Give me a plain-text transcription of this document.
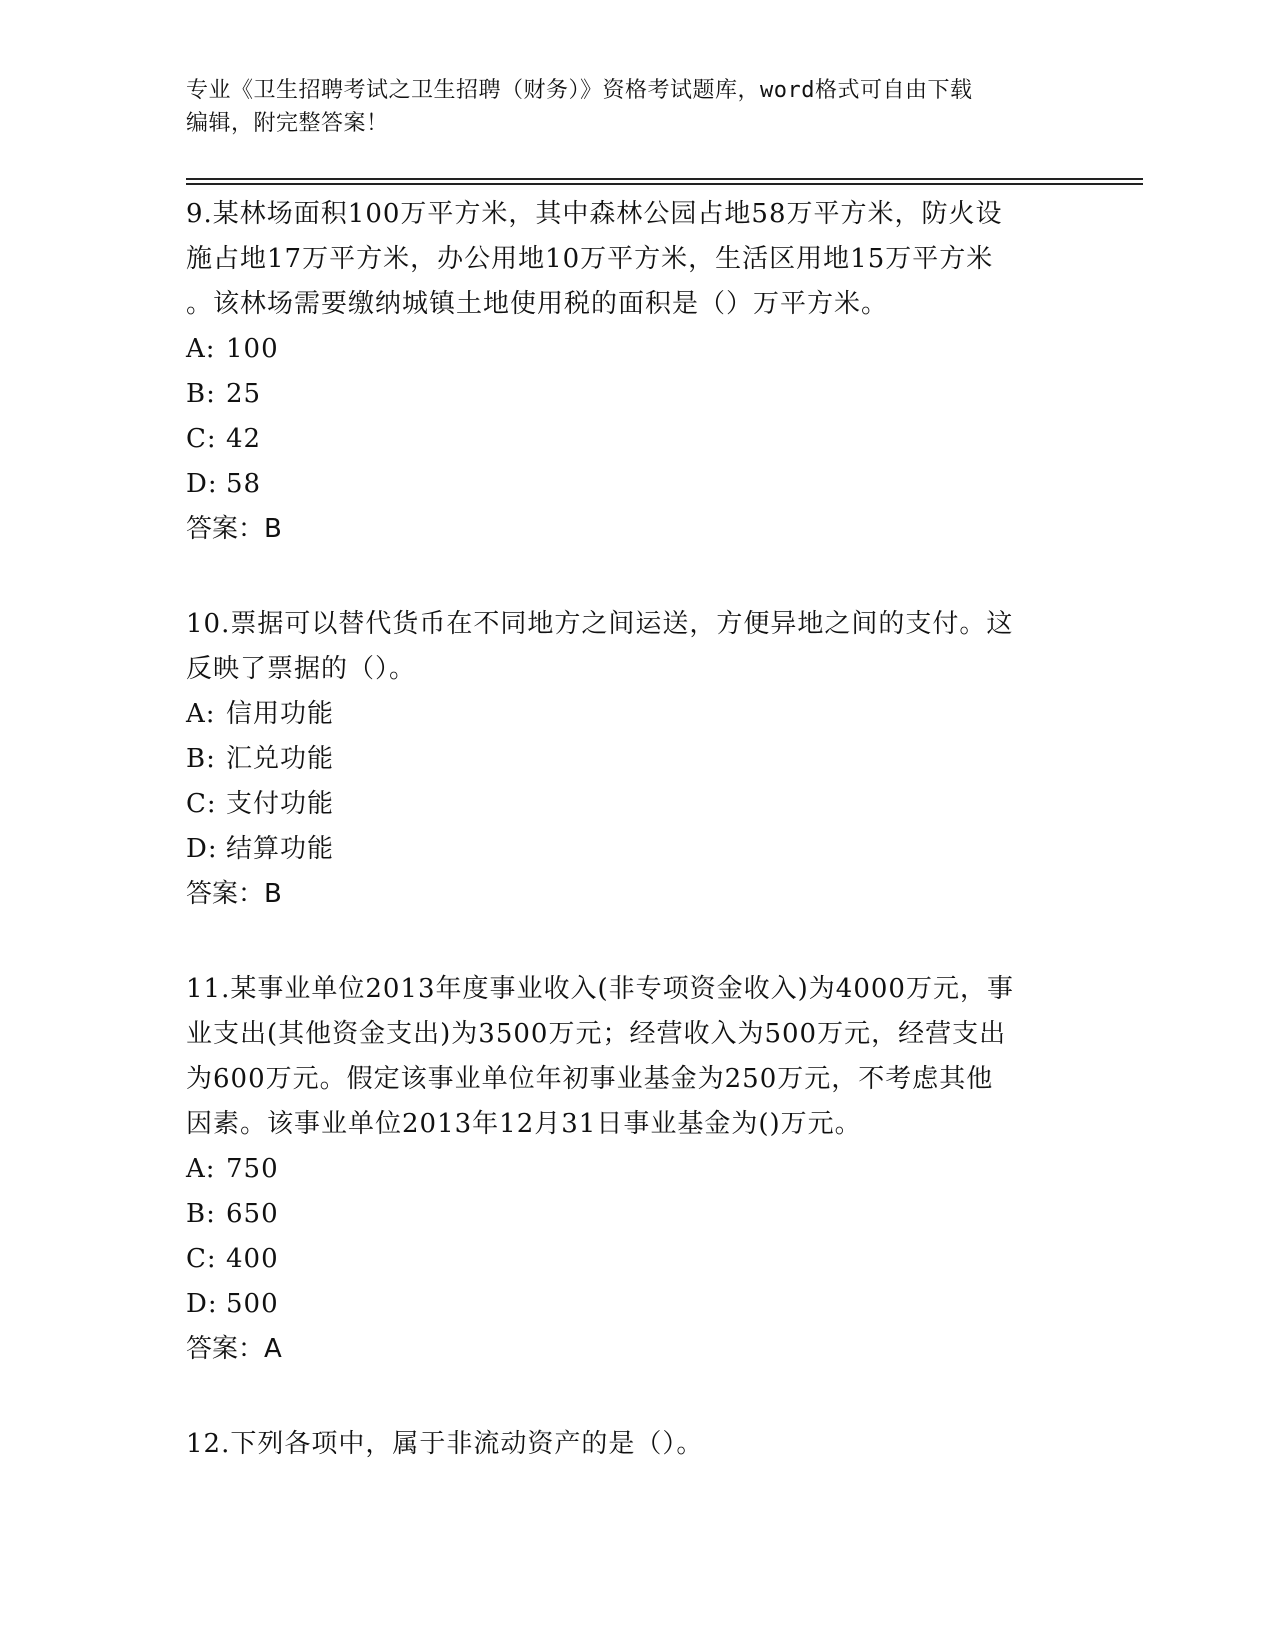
专业《卫生招聘考试之卫生招聘（财务）》资格考试题库，word格式可自由下载
编辑，附完整答案！

9.某林场面积100万平方米，其中森林公园占地58万平方米，防火设

施占地17万平方米，办公用地10万平方米，生活区用地15万平方米

。该林场需要缴纳城镇土地使用税的面积是（）万平方米。

A: 100

B: 25

C: 42

D: 58

答案：B

10.票据可以替代货币在不同地方之间运送，方便异地之间的支付。这

反映了票据的（）。

A: 信用功能

B: 汇兑功能

C: 支付功能

D: 结算功能

答案：B

11.某事业单位2013年度事业收入(非专项资金收入)为4000万元，事

业支出(其他资金支出)为3500万元；经营收入为500万元，经营支出

为600万元。假定该事业单位年初事业基金为250万元，不考虑其他

因素。该事业单位2013年12月31日事业基金为()万元。

A: 750

B: 650

C: 400

D: 500

答案：A

12.下列各项中，属于非流动资产的是（）。
